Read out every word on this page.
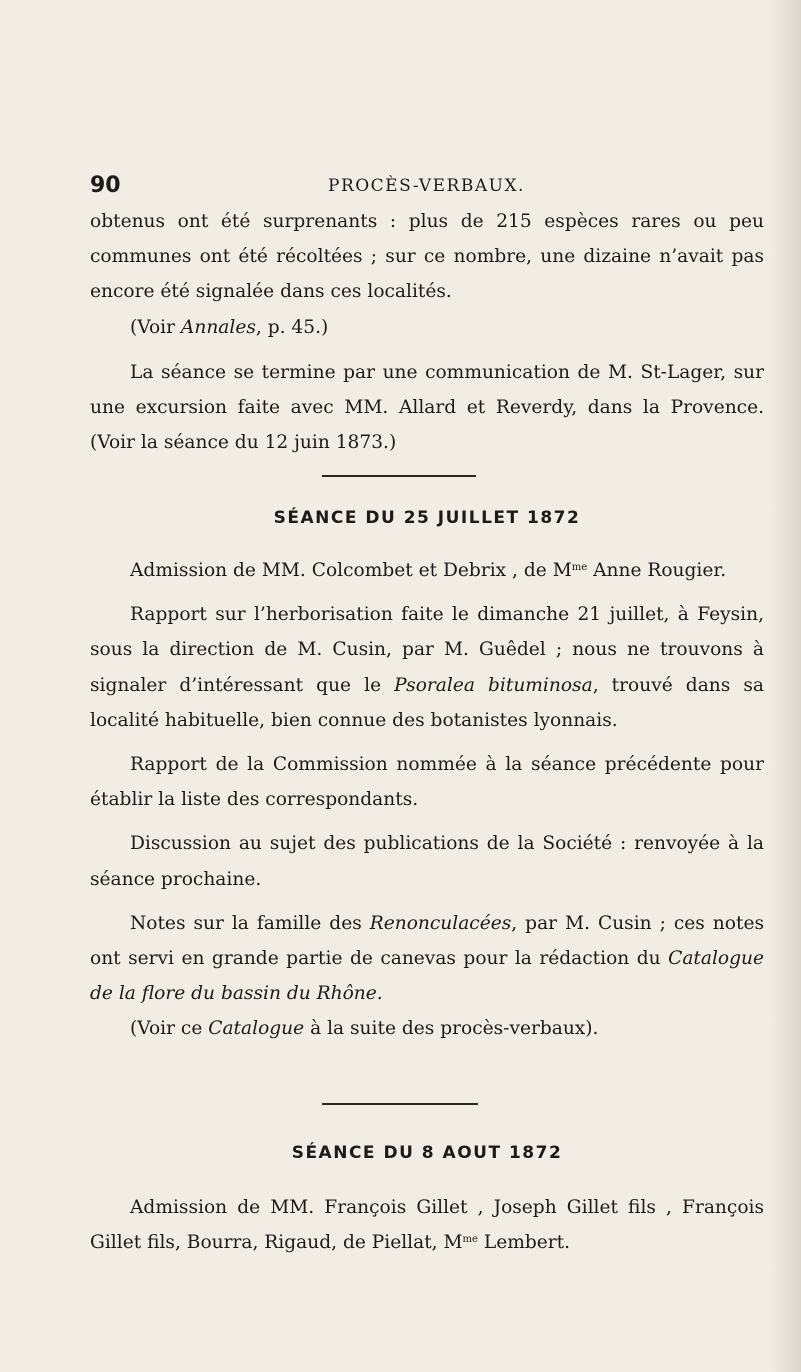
90	PROCÈS-VERBAUX.

obtenus ont été surprenants : plus de 215 espèces rares ou peu communes ont été récoltées ; sur ce nombre, une dizaine n’avait pas encore été signalée dans ces localités.

(Voir Annales, p. 45.)

La séance se termine par une communication de M. St-Lager, sur une excursion faite avec MM. Allard et Reverdy, dans la Provence. (Voir la séance du 12 juin 1873.)

SÉANCE DU 25 JUILLET 1872

Admission de MM. Colcombet et Debrix , de $M^{me}$ Anne Rougier.

Rapport sur l’herborisation faite le dimanche 21 juillet, à Feysin, sous la direction de M. Cusin, par M. Guêdel ; nous ne trouvons à signaler d’intéressant que le Psoralea bituminosa, trouvé dans sa localité habituelle, bien connue des botanistes lyonnais.

Rapport de la Commission nommée à la séance précédente pour établir la liste des correspondants.

Discussion au sujet des publications de la Société : renvoyée à la séance prochaine.

Notes sur la famille des Renonculacées, par M. Cusin ; ces notes ont servi en grande partie de canevas pour la rédaction du Catalogue de la flore du bassin du Rhône.

(Voir ce Catalogue à la suite des procès-verbaux).

SÉANCE DU 8 AOUT 1872

Admission de MM. François Gillet , Joseph Gillet fils , François Gillet fils, Bourra, Rigaud, de Piellat, $M^{me}$ Lembert.
